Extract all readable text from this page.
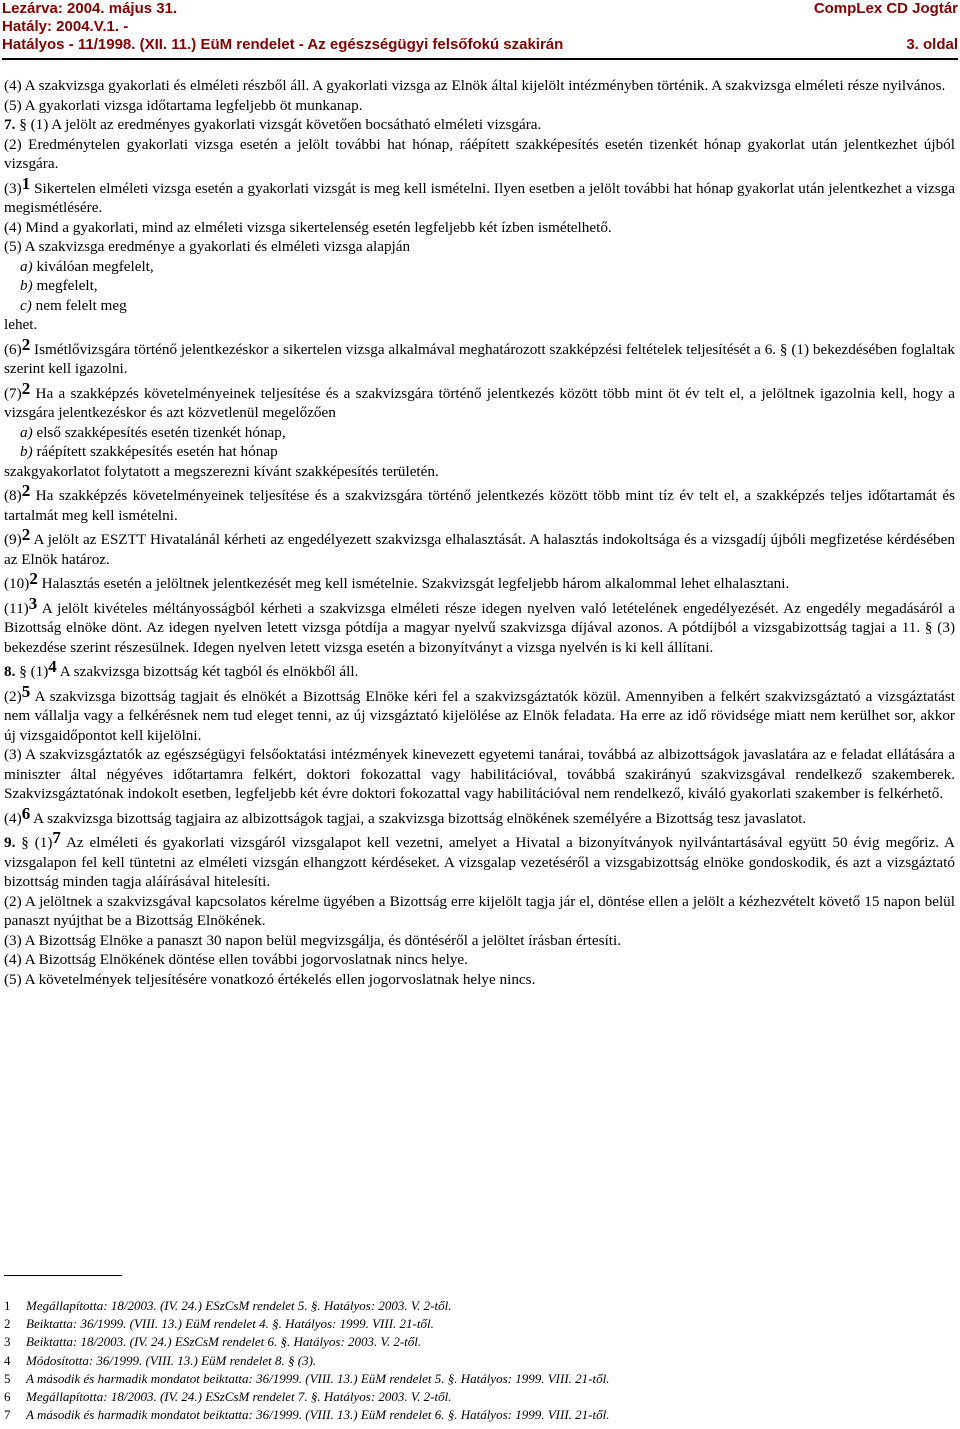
Lezárva: 2004. május 31.	CompLex CD Jogtár
Hatály: 2004.V.1. -
Hatályos - 11/1998. (XII. 11.) EüM rendelet - Az egészségügyi felsőfokú szakirán	3. oldal

(4) A szakvizsga gyakorlati és elméleti részből áll. A gyakorlati vizsga az Elnök által kijelölt intézményben történik. A szakvizsga elméleti része nyilvános.

(5) A gyakorlati vizsga időtartama legfeljebb öt munkanap.

7. § (1) A jelölt az eredményes gyakorlati vizsgát követően bocsátható elméleti vizsgára.

(2) Eredménytelen gyakorlati vizsga esetén a jelölt további hat hónap, ráépített szakképesítés esetén tizenkét hónap gyakorlat után jelentkezhet újból vizsgára.

$(3)^1$ Sikertelen elméleti vizsga esetén a gyakorlati vizsgát is meg kell ismételni. Ilyen esetben a jelölt további hat hónap gyakorlat után jelentkezhet a vizsga megismétlésére.

(4) Mind a gyakorlati, mind az elméleti vizsga sikertelenség esetén legfeljebb két ízben ismételhető.

(5) A szakvizsga eredménye a gyakorlati és elméleti vizsga alapján

a) kiválóan megfelelt,

b) megfelelt,

c) nem felelt meg

lehet.

$(6)^2$ Ismétlővizsgára történő jelentkezéskor a sikertelen vizsga alkalmával meghatározott szakképzési feltételek teljesítését a 6. § (1) bekezdésében foglaltak szerint kell igazolni.

$(7)^2$ Ha a szakképzés követelményeinek teljesítése és a szakvizsgára történő jelentkezés között több mint öt év telt el, a jelöltnek igazolnia kell, hogy a vizsgára jelentkezéskor és azt közvetlenül megelőzően

a) első szakképesítés esetén tizenkét hónap,

b) ráépített szakképesítés esetén hat hónap

szakgyakorlatot folytatott a megszerezni kívánt szakképesítés területén.

$(8)^2$ Ha szakképzés követelményeinek teljesítése és a szakvizsgára történő jelentkezés között több mint tíz év telt el, a szakképzés teljes időtartamát és tartalmát meg kell ismételni.

$(9)^2$ A jelölt az ESZTT Hivatalánál kérheti az engedélyezett szakvizsga elhalasztását. A halasztás indokoltsága és a vizsgadíj újbóli megfizetése kérdésében az Elnök határoz.

$(10)^2$ Halasztás esetén a jelöltnek jelentkezését meg kell ismételnie. Szakvizsgát legfeljebb három alkalommal lehet elhalasztani.

$(11)^3$ A jelölt kivételes méltányosságból kérheti a szakvizsga elméleti része idegen nyelven való letételének engedélyezését. Az engedély megadásáról a Bizottság elnöke dönt. Az idegen nyelven letett vizsga pótdíja a magyar nyelvű szakvizsga díjával azonos. A pótdíjból a vizsgabizottság tagjai a 11. § (3) bekezdése szerint részesülnek. Idegen nyelven letett vizsga esetén a bizonyítványt a vizsga nyelvén is ki kell állítani.

8. § $(1)^4$ A szakvizsga bizottság két tagból és elnökből áll.

$(2)^5$ A szakvizsga bizottság tagjait és elnökét a Bizottság Elnöke kéri fel a szakvizsgáztatók közül. Amennyiben a felkért szakvizsgáztató a vizsgáztatást nem vállalja vagy a felkérésnek nem tud eleget tenni, az új vizsgáztató kijelölése az Elnök feladata. Ha erre az idő rövidsége miatt nem kerülhet sor, akkor új vizsgaidőpontot kell kijelölni.

(3) A szakvizsgáztatók az egészségügyi felsőoktatási intézmények kinevezett egyetemi tanárai, továbbá az albizottságok javaslatára az e feladat ellátására a miniszter által négyéves időtartamra felkért, doktori fokozattal vagy habilitációval, továbbá szakirányú szakvizsgával rendelkező szakemberek. Szakvizsgáztatónak indokolt esetben, legfeljebb két évre doktori fokozattal vagy habilitációval nem rendelkező, kiváló gyakorlati szakember is felkérhető.

$(4)^6$ A szakvizsga bizottság tagjaira az albizottságok tagjai, a szakvizsga bizottság elnökének személyére a Bizottság tesz javaslatot.

9. § $(1)^7$ Az elméleti és gyakorlati vizsgáról vizsgalapot kell vezetni, amelyet a Hivatal a bizonyítványok nyilvántartásával együtt 50 évig megőriz. A vizsgalapon fel kell tüntetni az elméleti vizsgán elhangzott kérdéseket. A vizsgalap vezetéséről a vizsgabizottság elnöke gondoskodik, és azt a vizsgáztató bizottság minden tagja aláírásával hitelesíti.

(2) A jelöltnek a szakvizsgával kapcsolatos kérelme ügyében a Bizottság erre kijelölt tagja jár el, döntése ellen a jelölt a kézhezvételt követő 15 napon belül panaszt nyújthat be a Bizottság Elnökének.

(3) A Bizottság Elnöke a panaszt 30 napon belül megvizsgálja, és döntéséről a jelöltet írásban értesíti.

(4) A Bizottság Elnökének döntése ellen további jogorvoslatnak nincs helye.

(5) A követelmények teljesítésére vonatkozó értékelés ellen jogorvoslatnak helye nincs.

1 Megállapította: 18/2003. (IV. 24.) ESzCsM rendelet 5. §. Hatályos: 2003. V. 2-től.
2 Beiktatta: 36/1999. (VIII. 13.) EüM rendelet 4. §. Hatályos: 1999. VIII. 21-től.
3 Beiktatta: 18/2003. (IV. 24.) ESzCsM rendelet 6. §. Hatályos: 2003. V. 2-től.
4 Módosította: 36/1999. (VIII. 13.) EüM rendelet 8. § (3).
5 A második és harmadik mondatot beiktatta: 36/1999. (VIII. 13.) EüM rendelet 5. §. Hatályos: 1999. VIII. 21-től.
6 Megállapította: 18/2003. (IV. 24.) ESzCsM rendelet 7. §. Hatályos: 2003. V. 2-től.
7 A második és harmadik mondatot beiktatta: 36/1999. (VIII. 13.) EüM rendelet 6. §. Hatályos: 1999. VIII. 21-től.
